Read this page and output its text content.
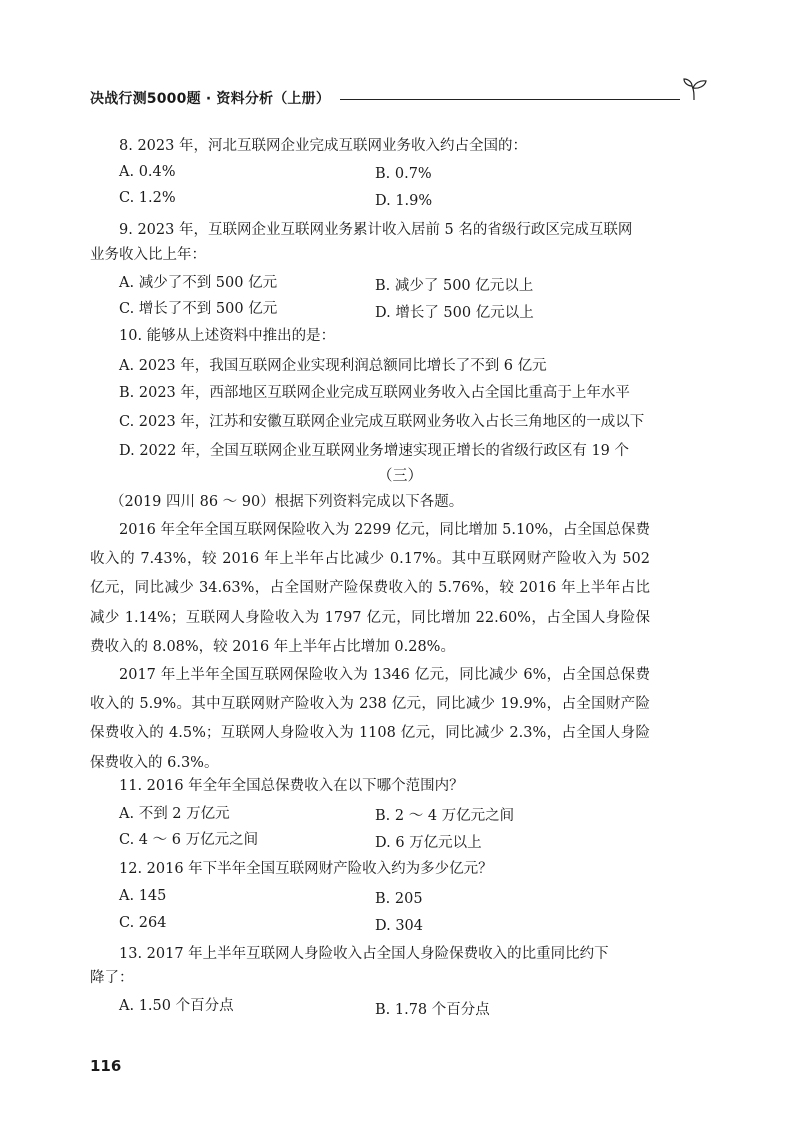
决战行测5000题 · 资料分析（上册）
8. 2023 年，河北互联网企业完成互联网业务收入约占全国的：
A. 0.4%	B. 0.7%
C. 1.2%	D. 1.9%
9. 2023 年，互联网企业互联网业务累计收入居前 5 名的省级行政区完成互联网
业务收入比上年：
A. 减少了不到 500 亿元	B. 减少了 500 亿元以上
C. 增长了不到 500 亿元	D. 增长了 500 亿元以上
10. 能够从上述资料中推出的是：
A. 2023 年，我国互联网企业实现利润总额同比增长了不到 6 亿元
B. 2023 年，西部地区互联网企业完成互联网业务收入占全国比重高于上年水平
C. 2023 年，江苏和安徽互联网企业完成互联网业务收入占长三角地区的一成以下
D. 2022 年，全国互联网企业互联网业务增速实现正增长的省级行政区有 19 个
（三）
（2019 四川 86 ～ 90）根据下列资料完成以下各题。
2016 年全年全国互联网保险收入为 2299 亿元，同比增加 5.10%，占全国总保费收入的 7.43%，较 2016 年上半年占比减少 0.17%。其中互联网财产险收入为 502 亿元，同比减少 34.63%，占全国财产险保费收入的 5.76%，较 2016 年上半年占比减少 1.14%；互联网人身险收入为 1797 亿元，同比增加 22.60%，占全国人身险保费收入的 8.08%，较 2016 年上半年占比增加 0.28%。
2017 年上半年全国互联网保险收入为 1346 亿元，同比减少 6%，占全国总保费收入的 5.9%。其中互联网财产险收入为 238 亿元，同比减少 19.9%，占全国财产险保费收入的 4.5%；互联网人身险收入为 1108 亿元，同比减少 2.3%，占全国人身险保费收入的 6.3%。
11. 2016 年全年全国总保费收入在以下哪个范围内？
A. 不到 2 万亿元	B. 2 ～ 4 万亿元之间
C. 4 ～ 6 万亿元之间	D. 6 万亿元以上
12. 2016 年下半年全国互联网财产险收入约为多少亿元？
A. 145	B. 205
C. 264	D. 304
13. 2017 年上半年互联网人身险收入占全国人身险保费收入的比重同比约下
降了：
A. 1.50 个百分点	B. 1.78 个百分点
116
